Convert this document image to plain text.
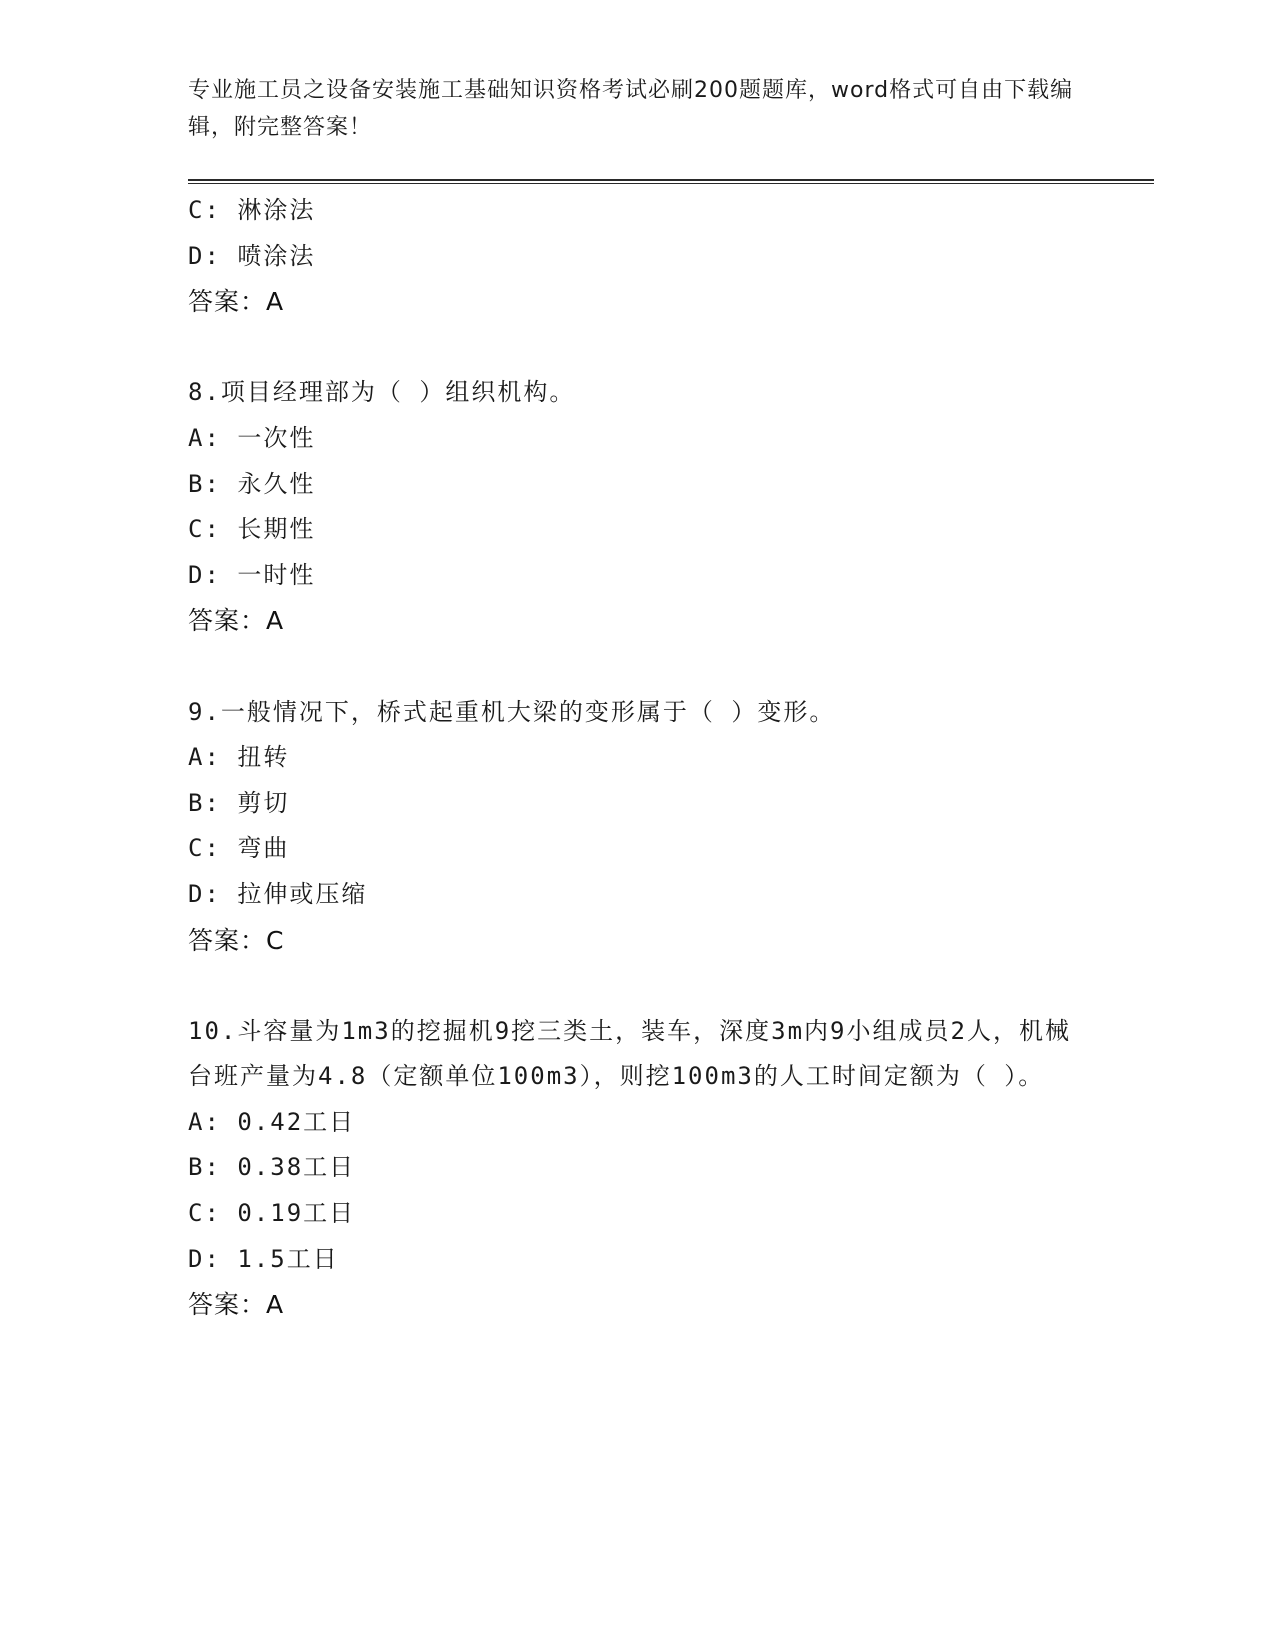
专业施工员之设备安装施工基础知识资格考试必刷200题题库，word格式可自由下载编辑，附完整答案！
C: 淋涂法
D: 喷涂法
答案：A
8.项目经理部为（ ）组织机构。
A: 一次性
B: 永久性
C: 长期性
D: 一时性
答案：A
9.一般情况下，桥式起重机大梁的变形属于（ ）变形。
A: 扭转
B: 剪切
C: 弯曲
D: 拉伸或压缩
答案：C
10.斗容量为1m3的挖掘机9挖三类土，装车，深度3m内9小组成员2人，机械台班产量为4.8（定额单位100m3），则挖100m3的人工时间定额为（ ）。
A: 0.42工日
B: 0.38工日
C: 0.19工日
D: 1.5工日
答案：A
